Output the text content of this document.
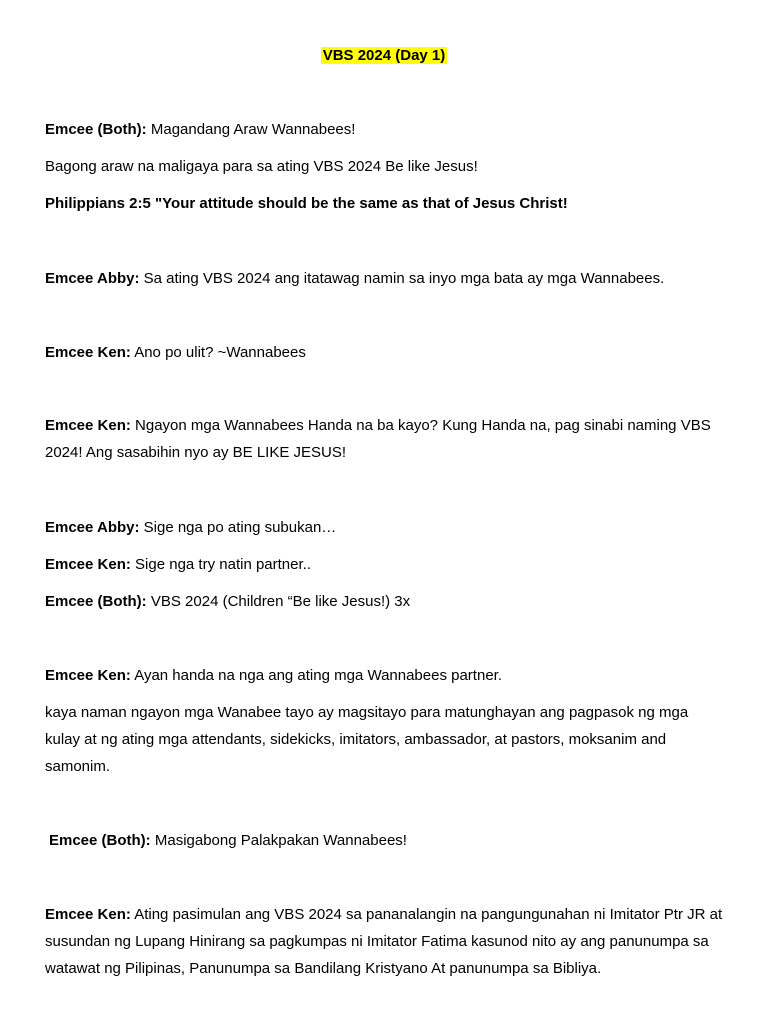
VBS 2024 (Day 1)

Emcee (Both): Magandang Araw Wannabees!

Bagong araw na maligaya para sa ating VBS 2024 Be like Jesus!

Philippians 2:5 "Your attitude should be the same as that of Jesus Christ!

Emcee Abby: Sa ating VBS 2024 ang itatawag namin sa inyo mga bata ay mga Wannabees.

Emcee Ken: Ano po ulit? ~Wannabees

Emcee Ken: Ngayon mga Wannabees Handa na ba kayo? Kung Handa na, pag sinabi naming VBS 2024! Ang sasabihin nyo ay BE LIKE JESUS!

Emcee Abby: Sige nga po ating subukan…

Emcee Ken: Sige nga try natin partner..

Emcee (Both): VBS 2024 (Children “Be like Jesus!) 3x

Emcee Ken: Ayan handa na nga ang ating mga Wannabees partner.

kaya naman ngayon mga Wanabee tayo ay magsitayo para matunghayan ang pagpasok ng mga kulay at ng ating mga attendants, sidekicks, imitators, ambassador, at pastors, moksanim and samonim.

Emcee (Both): Masigabong Palakpakan Wannabees!

Emcee Ken: Ating pasimulan ang VBS 2024 sa pananalangin na pangungunahan ni Imitator Ptr JR at susundan ng Lupang Hinirang sa pagkumpas ni Imitator Fatima kasunod nito ay ang panunumpa sa watawat ng Pilipinas, Panunumpa sa Bandilang Kristyano At panunumpa sa Bibliya.
